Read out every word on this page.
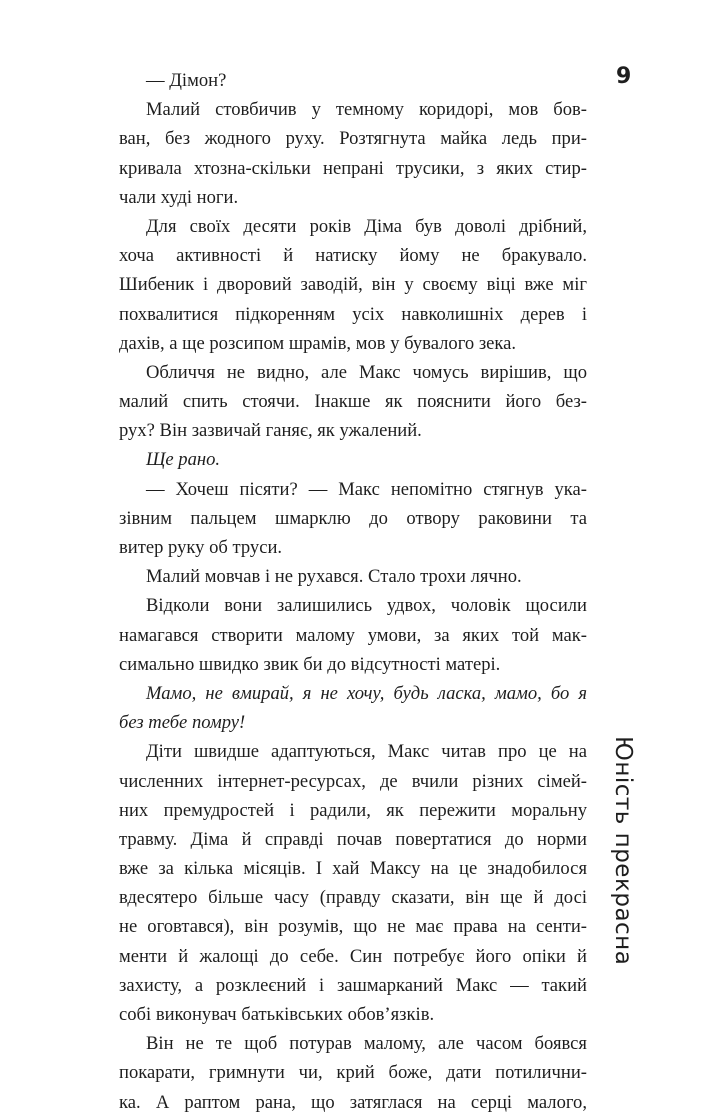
9
— Дімон?
Малий стовбичив у темному коридорі, мов бов-
ван, без жодного руху. Розтягнута майка ледь при-
кривала хтозна-скільки непрані трусики, з яких стир-
чали худі ноги.
Для своїх десяти років Діма був доволі дрібний,
хоча активності й натиску йому не бракувало.
Шибеник і дворовий заводій, він у своєму віці вже міг
похвалитися підкоренням усіх навколишніх дерев і
дахів, а ще розсипом шрамів, мов у бувалого зека.
Обличчя не видно, але Макс чомусь вирішив, що
малий спить стоячи. Інакше як пояснити його без-
рух? Він зазвичай ганяє, як ужалений.
Ще рано.
— Хочеш пісяти? — Макс непомітно стягнув ука-
зівним пальцем шмарклю до отвору раковини та
витер руку об труси.
Малий мовчав і не рухався. Стало трохи лячно.
Відколи вони залишились удвох, чоловік щосили
намагався створити малому умови, за яких той мак-
симально швидко звик би до відсутності матері.
Мамо, не вмирай, я не хочу, будь ласка, мамо, бо я
без тебе помру!
Діти швидше адаптуються, Макс читав про це на
численних інтернет-ресурсах, де вчили різних сімей-
них премудростей і радили, як пережити моральну
травму. Діма й справді почав повертатися до норми
вже за кілька місяців. І хай Максу на це знадобилося
вдесятеро більше часу (правду сказати, він ще й досі
не оговтався), він розумів, що не має права на сенти-
менти й жалощі до себе. Син потребує його опіки й
захисту, а розклеєний і зашмарканий Макс — такий
собі виконувач батьківських обов’язків.
Він не те щоб потурав малому, але часом боявся
покарати, гримнути чи, крий боже, дати потилични-
ка. А раптом рана, що затяглася на серці малого,
Юність прекрасна
